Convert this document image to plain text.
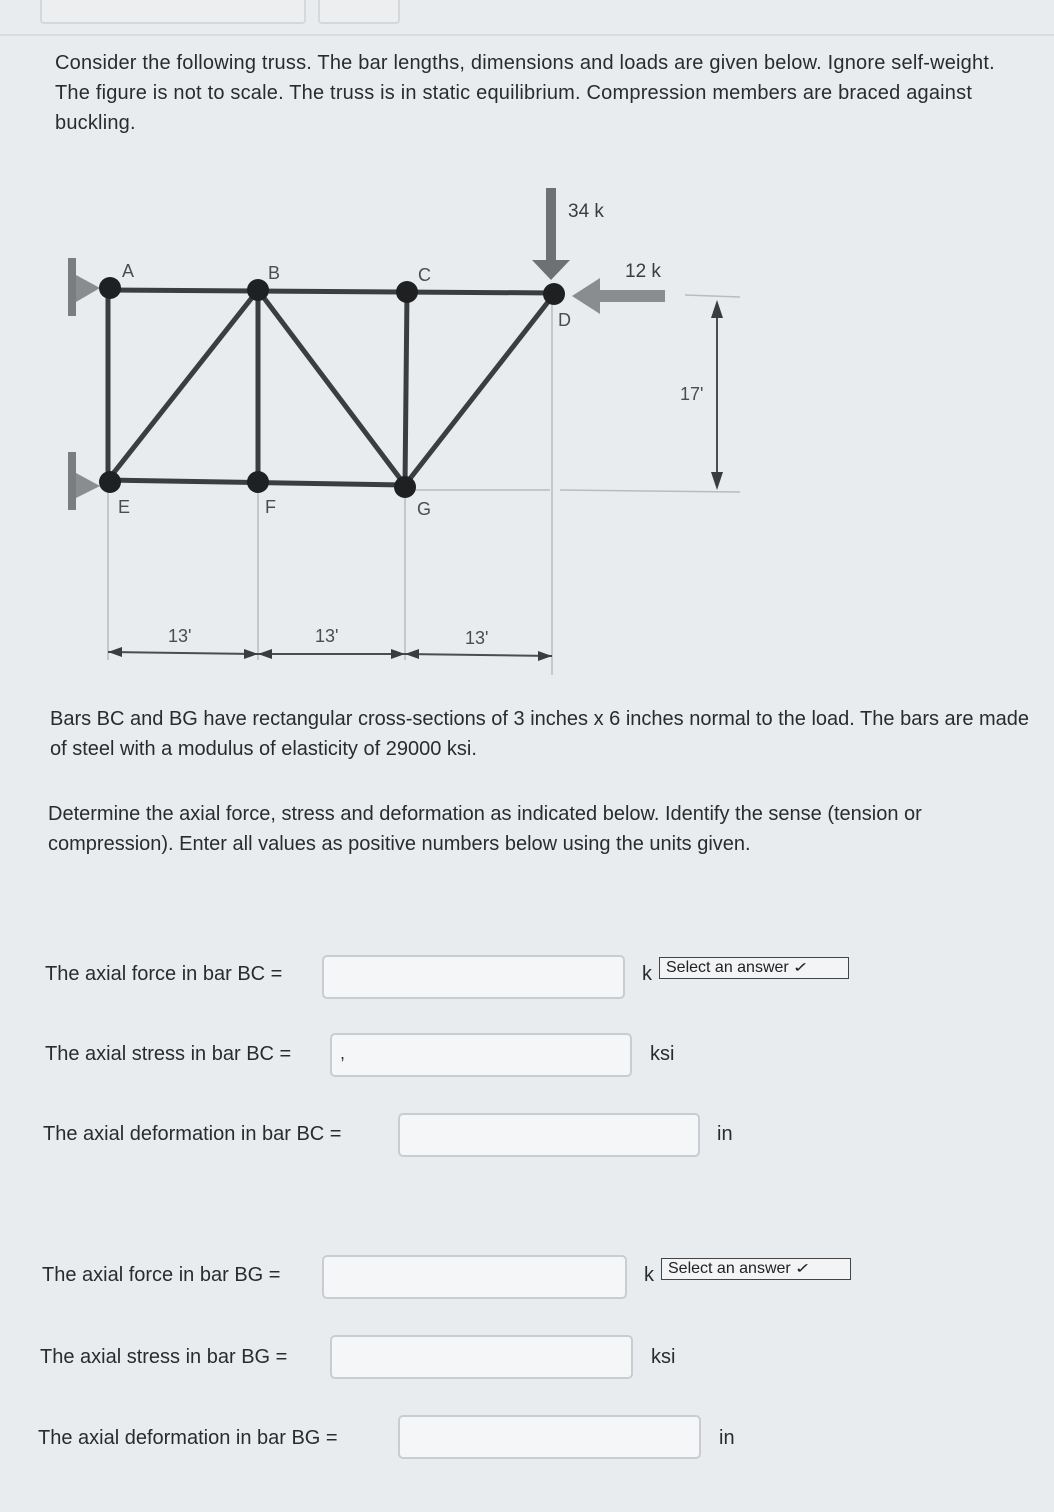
Consider the following truss. The bar lengths, dimensions and loads are given below. Ignore self-weight. The figure is not to scale. The truss is in static equilibrium. Compression members are braced against buckling.
A	B	C
D
E	F	G
34 k
12 k
17'
13'	13'	13'
Bars BC and BG have rectangular cross-sections of 3 inches x 6 inches normal to the load. The bars are made of steel with a modulus of elasticity of 29000 ksi.
Determine the axial force, stress and deformation as indicated below. Identify the sense (tension or compression). Enter all values as positive numbers below using the units given.
The axial force in bar BC =	k Select an answer ✓
The axial stress in bar BC =	,	ksi
The axial deformation in bar BC =	in
The axial force in bar BG =	k Select an answer ✓
The axial stress in bar BG =	ksi
The axial deformation in bar BG =	in
